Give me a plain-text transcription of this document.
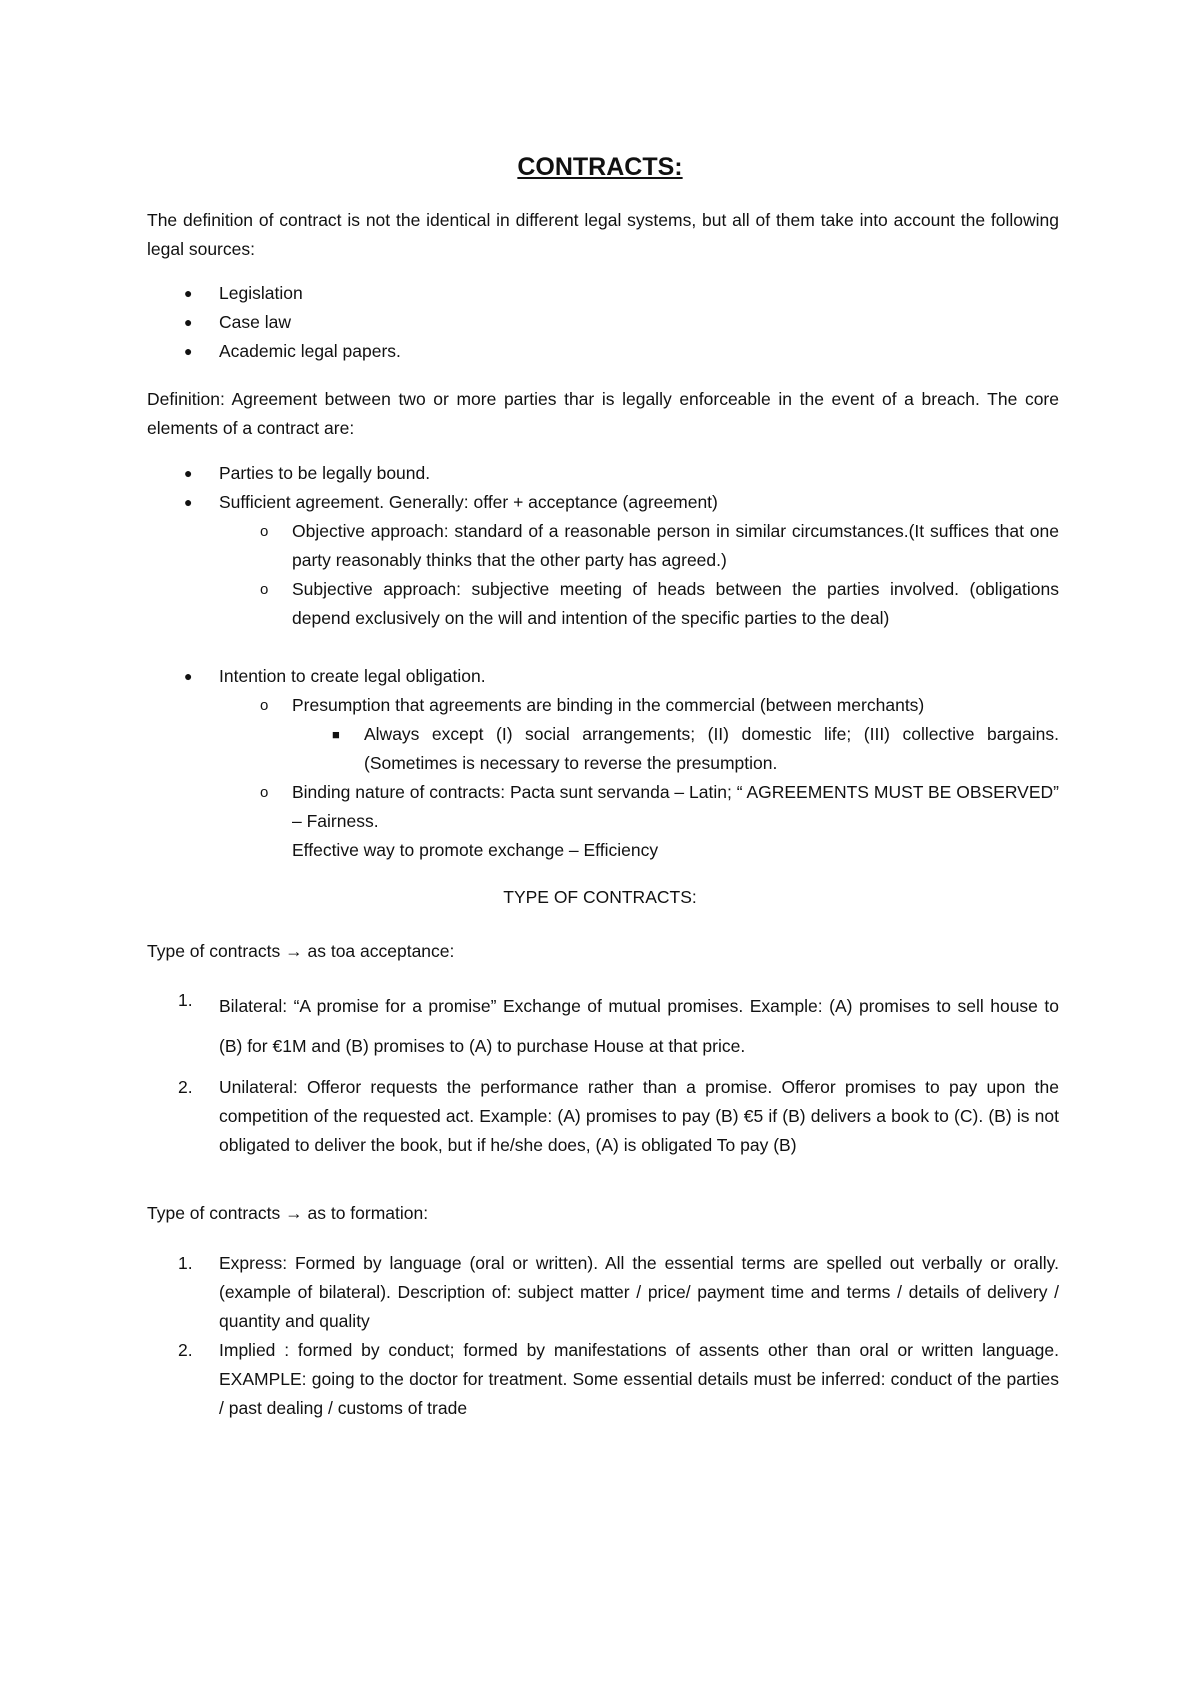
CONTRACTS:

The definition of contract is not the identical in different legal systems, but all of them take into account the following legal sources:

● Legislation
● Case law
● Academic legal papers.

Definition: Agreement between two or more parties thar is legally enforceable in the event of a breach. The core elements of a contract are:

● Parties to be legally bound.
● Sufficient agreement. Generally: offer + acceptance (agreement)
o Objective approach: standard of a reasonable person in similar circumstances.(It suffices that one party reasonably thinks that the other party has agreed.)

o Subjective approach: subjective meeting of heads between the parties involved. (obligations depend exclusively on the will and intention of the specific parties to the deal)

● Intention to create legal obligation.
o Presumption that agreements are binding in the commercial (between merchants)
■ Always except (I) social arrangements; (II) domestic life; (III) collective bargains. (Sometimes is necessary to reverse the presumption.

o Binding nature of contracts: Pacta sunt servanda – Latin; “ AGREEMENTS MUST BE OBSERVED” – Fairness.

Effective way to promote exchange – Efficiency
TYPE OF CONTRACTS:
Type of contracts → as toa acceptance:
1. Bilateral: “A promise for a promise” Exchange of mutual promises. Example: (A) promises to sell house to (B) for €1M and (B) promises to (A) to purchase House at that price.

2. Unilateral: Offeror requests the performance rather than a promise. Offeror promises to pay upon the competition of the requested act. Example: (A) promises to pay (B) €5 if (B) delivers a book to (C). (B) is not obligated to deliver the book, but if he/she does, (A) is obligated To pay (B)

Type of contracts → as to formation:
1. Express: Formed by language (oral or written). All the essential terms are spelled out verbally or orally. (example of bilateral). Description of: subject matter / price/ payment time and terms / details of delivery / quantity and quality

2. Implied : formed by conduct; formed by manifestations of assents other than oral or written language. EXAMPLE: going to the doctor for treatment. Some essential details must be inferred: conduct of the parties / past dealing / customs of trade
